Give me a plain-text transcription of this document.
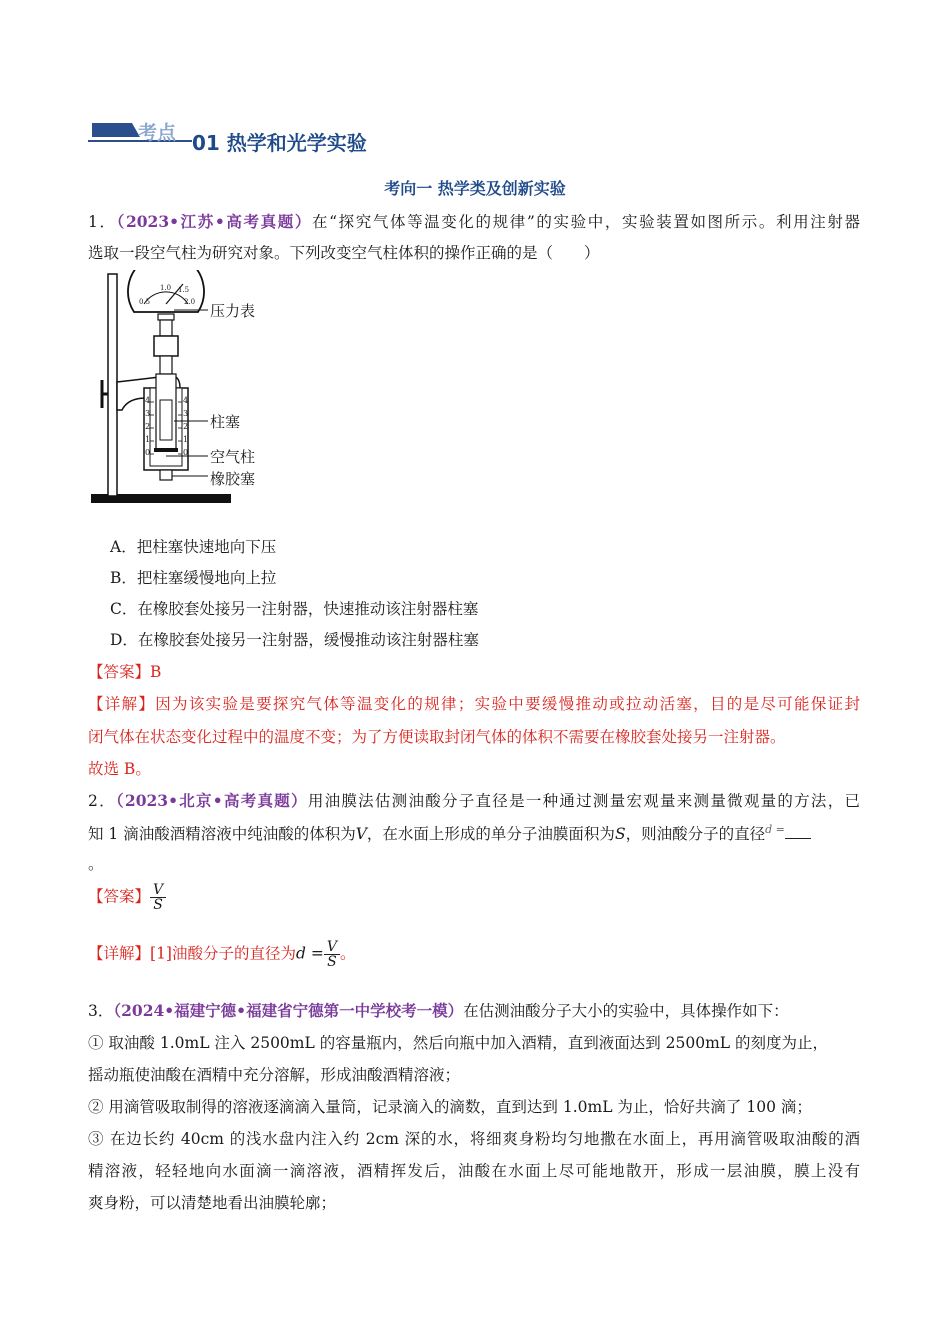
考点 01 热学和光学实验
考向一 热学类及创新实验
1．（2023•江苏•高考真题）在“探究气体等温变化的规律”的实验中，实验装置如图所示。利用注射器
选取一段空气柱为研究对象。下列改变空气柱体积的操作正确的是（　　）
1.0 1.5
0.5	2.0
4
3
2
1
0
4
3
2
1
0
压力表
柱塞
空气柱
橡胶塞
A．把柱塞快速地向下压
B．把柱塞缓慢地向上拉
C．在橡胶套处接另一注射器，快速推动该注射器柱塞
D．在橡胶套处接另一注射器，缓慢推动该注射器柱塞
【答案】B
【详解】因为该实验是要探究气体等温变化的规律；实验中要缓慢推动或拉动活塞，目的是尽可能保证封
闭气体在状态变化过程中的温度不变；为了方便读取封闭气体的体积不需要在橡胶套处接另一注射器。
故选 B。
2．（2023•北京•高考真题）用油膜法估测油酸分子直径是一种通过测量宏观量来测量微观量的方法，已
知 1 滴油酸酒精溶液中纯油酸的体积为V，在水面上形成的单分子油膜面积为S，则油酸分子的直径$^{d =}$
。
【答案】 $\frac{V}{S}$
【详解】[1]油酸分子的直径为$d = \frac{V}{S}$ 。
3．（2024•福建宁德•福建省宁德第一中学校考一模）在估测油酸分子大小的实验中，具体操作如下：
① 取油酸 1.0mL 注入 2500mL 的容量瓶内，然后向瓶中加入酒精，直到液面达到 2500mL 的刻度为止，
摇动瓶使油酸在酒精中充分溶解，形成油酸酒精溶液；
② 用滴管吸取制得的溶液逐滴滴入量筒，记录滴入的滴数，直到达到 1.0mL 为止，恰好共滴了 100 滴；
③ 在边长约 40cm 的浅水盘内注入约 2cm 深的水，将细爽身粉均匀地撒在水面上，再用滴管吸取油酸的酒
精溶液，轻轻地向水面滴一滴溶液，酒精挥发后，油酸在水面上尽可能地散开，形成一层油膜，膜上没有
爽身粉，可以清楚地看出油膜轮廓；
